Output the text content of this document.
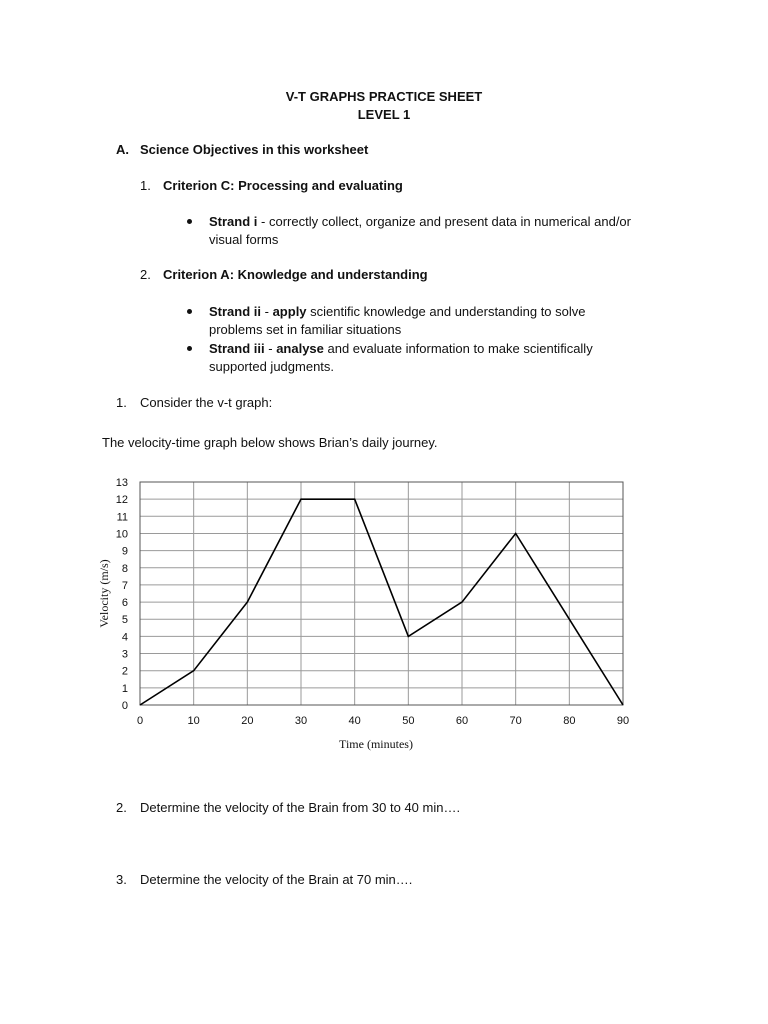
V-T GRAPHS PRACTICE SHEET
LEVEL 1
A. Science Objectives in this worksheet
1. Criterion C: Processing and evaluating
Strand i - correctly collect, organize and present data in numerical and/or
visual forms
2. Criterion A: Knowledge and understanding
Strand ii - apply scientific knowledge and understanding to solve
problems set in familiar situations
Strand iii - analyse and evaluate information to make scientifically
supported judgments.
1. Consider the v-t graph:
The velocity-time graph below shows Brian’s daily journey.
0
1
2
3
4
5
6
7
8
9
10
11
12
13
0	10	20	30	40	50	60	70	80	90
Time (minutes)
Velocity (m/s)
2. Determine the velocity of the Brain from 30 to 40 min….
3. Determine the velocity of the Brain at 70 min….
